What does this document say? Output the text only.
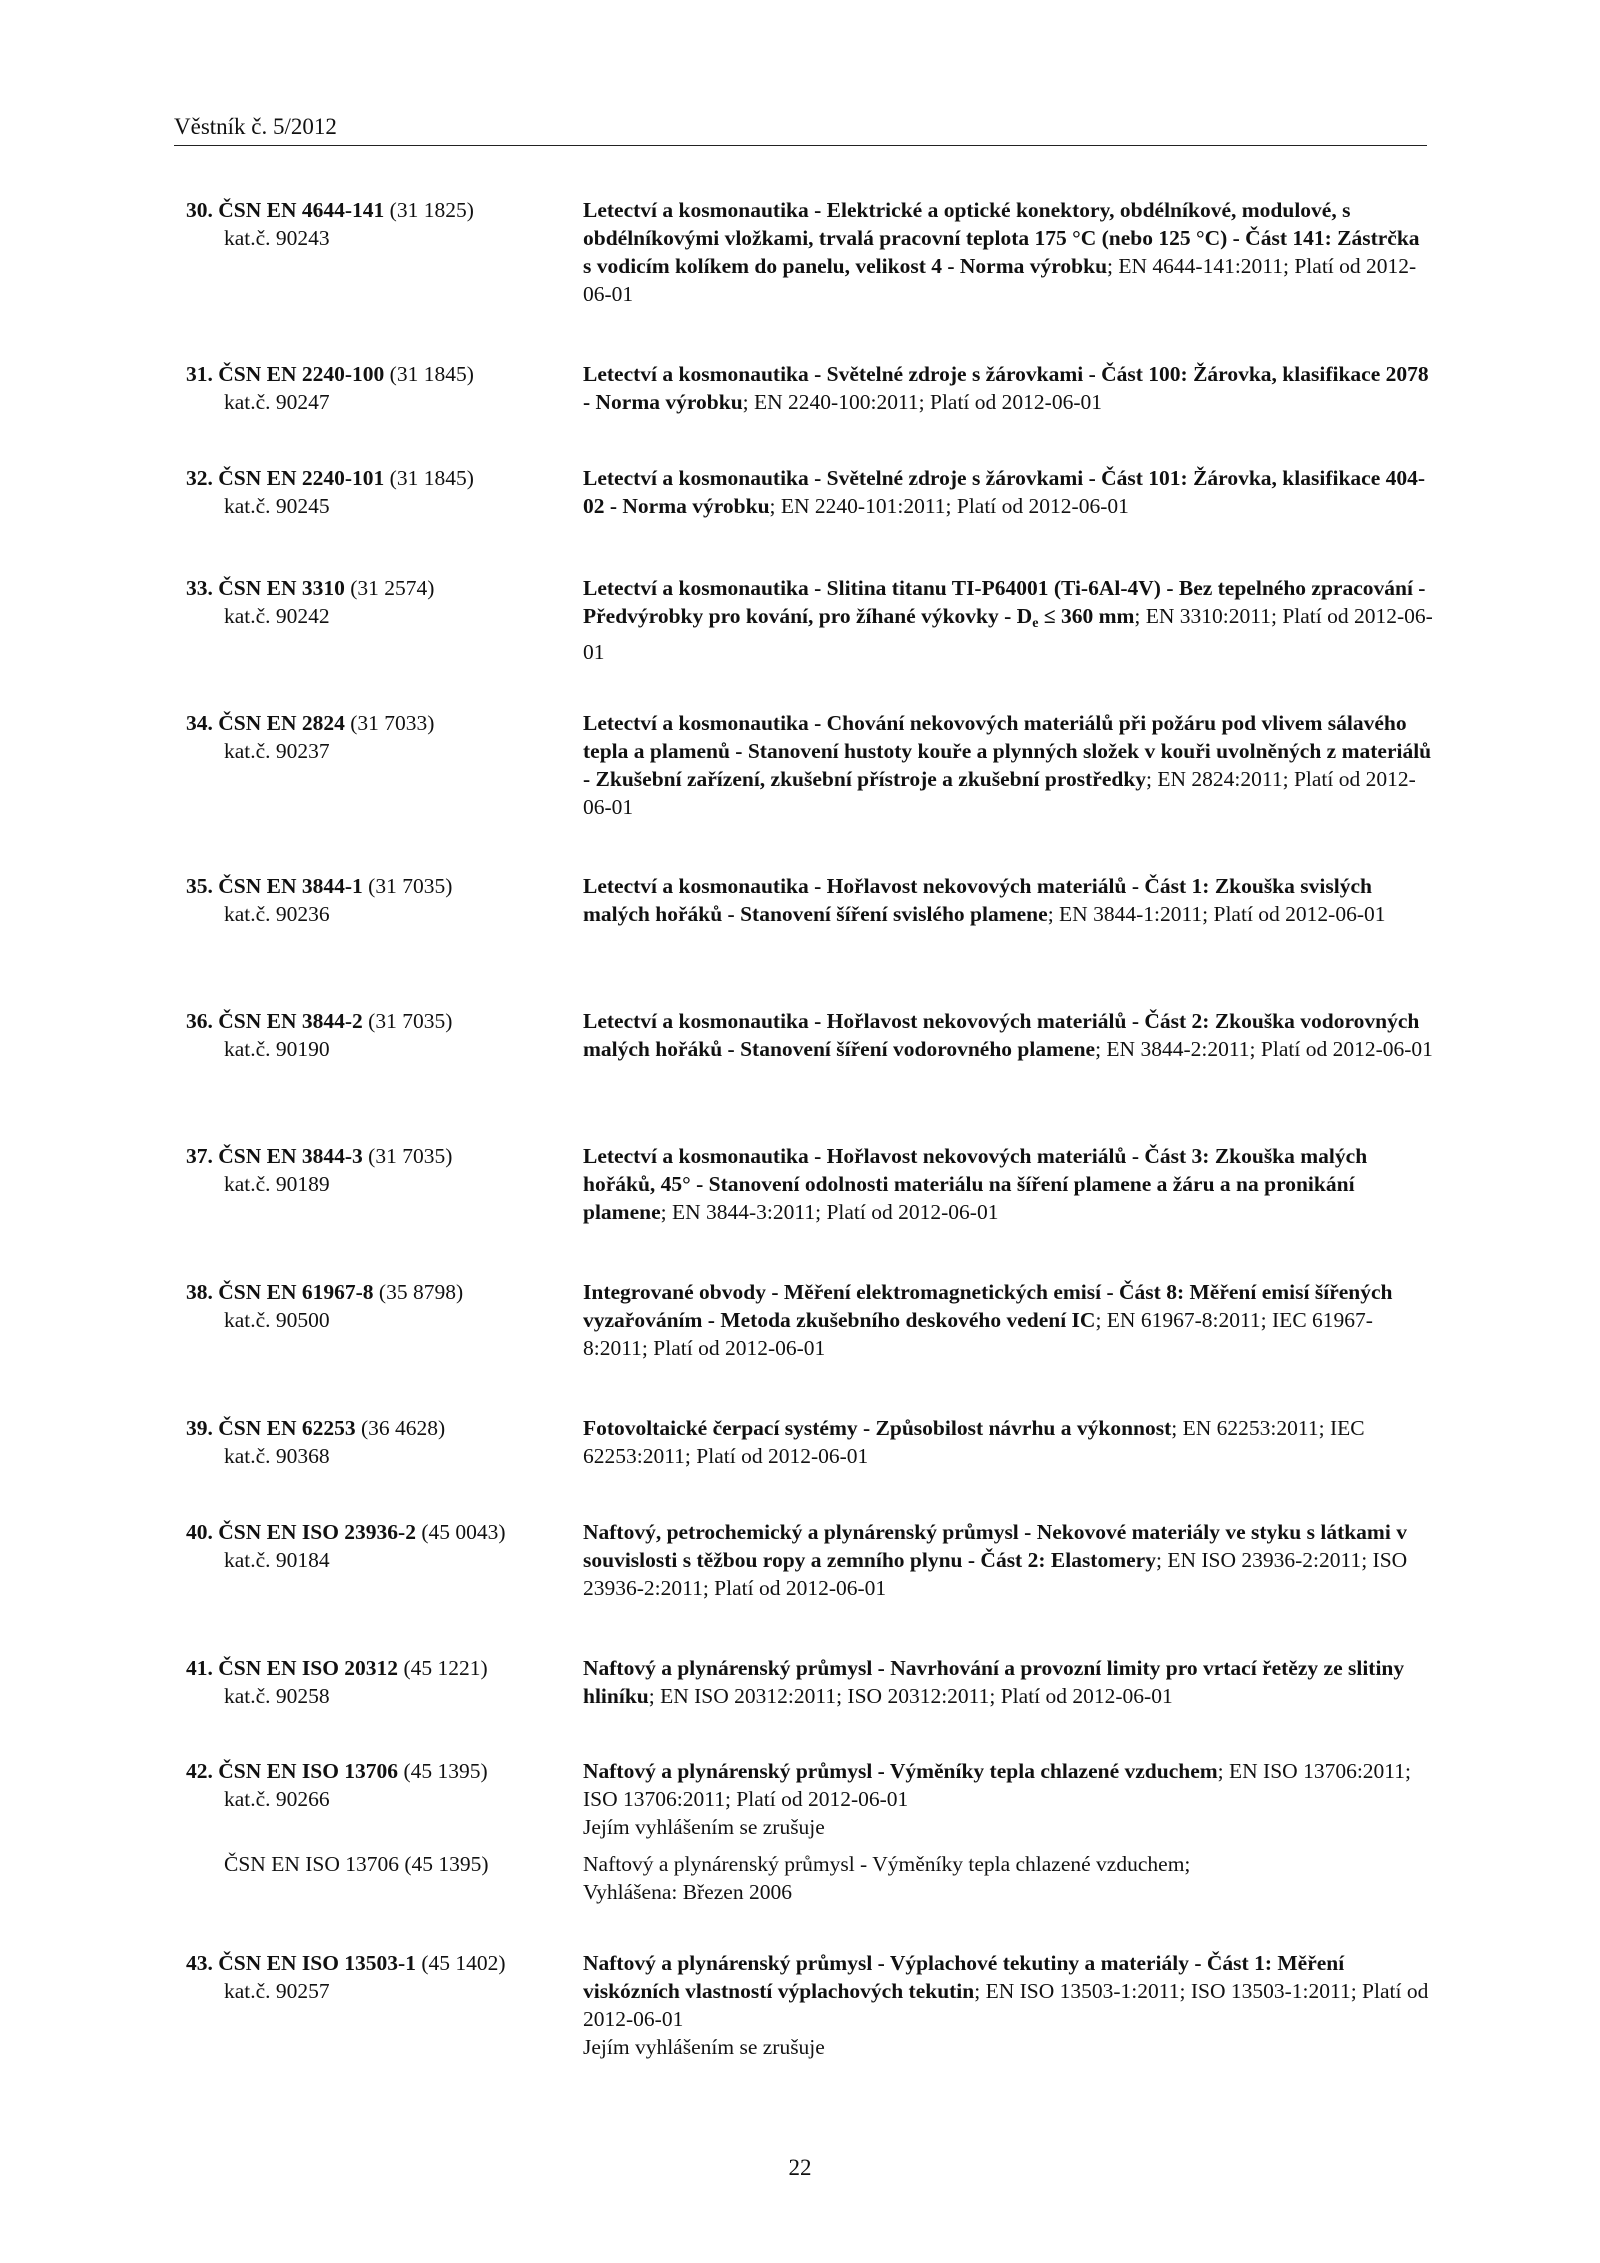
Věstník č. 5/2012
30. ČSN EN 4644-141 (31 1825)
kat.č. 90243
Letectví a kosmonautika - Elektrické a optické konektory, obdélníkové, modulové, s obdélníkovými vložkami, trvalá pracovní teplota 175 °C (nebo 125 °C) - Část 141: Zástrčka s vodicím kolíkem do panelu, velikost 4 - Norma výrobku; EN 4644-141:2011; Platí od 2012-06-01
31. ČSN EN 2240-100 (31 1845)
kat.č. 90247
Letectví a kosmonautika - Světelné zdroje s žárovkami - Část 100: Žárovka, klasifikace 2078 - Norma výrobku; EN 2240-100:2011; Platí od 2012-06-01
32. ČSN EN 2240-101 (31 1845)
kat.č. 90245
Letectví a kosmonautika - Světelné zdroje s žárovkami - Část 101: Žárovka, klasifikace 404-02 - Norma výrobku; EN 2240-101:2011; Platí od 2012-06-01
33. ČSN EN 3310 (31 2574)
kat.č. 90242
Letectví a kosmonautika - Slitina titanu TI-P64001 (Ti-6Al-4V) - Bez tepelného zpracování - Předvýrobky pro kování, pro žíhané výkovky - $D_e \le 360$ mm; EN 3310:2011; Platí od 2012-06-01
34. ČSN EN 2824 (31 7033)
kat.č. 90237
Letectví a kosmonautika - Chování nekovových materiálů při požáru pod vlivem sálavého tepla a plamenů - Stanovení hustoty kouře a plynných složek v kouři uvolněných z materiálů - Zkušební zařízení, zkušební přístroje a zkušební prostředky; EN 2824:2011; Platí od 2012-06-01
35. ČSN EN 3844-1 (31 7035)
kat.č. 90236
Letectví a kosmonautika - Hořlavost nekovových materiálů - Část 1: Zkouška svislých malých hořáků - Stanovení šíření svislého plamene; EN 3844-1:2011; Platí od 2012-06-01
36. ČSN EN 3844-2 (31 7035)
kat.č. 90190
Letectví a kosmonautika - Hořlavost nekovových materiálů - Část 2: Zkouška vodorovných malých hořáků - Stanovení šíření vodorovného plamene; EN 3844-2:2011; Platí od 2012-06-01
37. ČSN EN 3844-3 (31 7035)
kat.č. 90189
Letectví a kosmonautika - Hořlavost nekovových materiálů - Část 3: Zkouška malých hořáků, 45° - Stanovení odolnosti materiálu na šíření plamene a žáru a na pronikání plamene; EN 3844-3:2011; Platí od 2012-06-01
38. ČSN EN 61967-8 (35 8798)
kat.č. 90500
Integrované obvody - Měření elektromagnetických emisí - Část 8: Měření emisí šířených vyzařováním - Metoda zkušebního deskového vedení IC; EN 61967-8:2011; IEC 61967-8:2011; Platí od 2012-06-01
39. ČSN EN 62253 (36 4628)
kat.č. 90368
Fotovoltaické čerpací systémy - Způsobilost návrhu a výkonnost; EN 62253:2011; IEC 62253:2011; Platí od 2012-06-01
40. ČSN EN ISO 23936-2 (45 0043)
kat.č. 90184
Naftový, petrochemický a plynárenský průmysl - Nekovové materiály ve styku s látkami v souvislosti s těžbou ropy a zemního plynu - Část 2: Elastomery; EN ISO 23936-2:2011; ISO 23936-2:2011; Platí od 2012-06-01
41. ČSN EN ISO 20312 (45 1221)
kat.č. 90258
Naftový a plynárenský průmysl - Navrhování a provozní limity pro vrtací řetězy ze slitiny hliníku; EN ISO 20312:2011; ISO 20312:2011; Platí od 2012-06-01
42. ČSN EN ISO 13706 (45 1395)
kat.č. 90266
Naftový a plynárenský průmysl - Výměníky tepla chlazené vzduchem; EN ISO 13706:2011; ISO 13706:2011; Platí od 2012-06-01
Jejím vyhlášením se zrušuje
ČSN EN ISO 13706 (45 1395)	Naftový a plynárenský průmysl - Výměníky tepla chlazené vzduchem;
Vyhlášena: Březen 2006
43. ČSN EN ISO 13503-1 (45 1402)
kat.č. 90257
Naftový a plynárenský průmysl - Výplachové tekutiny a materiály - Část 1: Měření viskózních vlastností výplachových tekutin; EN ISO 13503-1:2011; ISO 13503-1:2011; Platí od 2012-06-01
Jejím vyhlášením se zrušuje
22
